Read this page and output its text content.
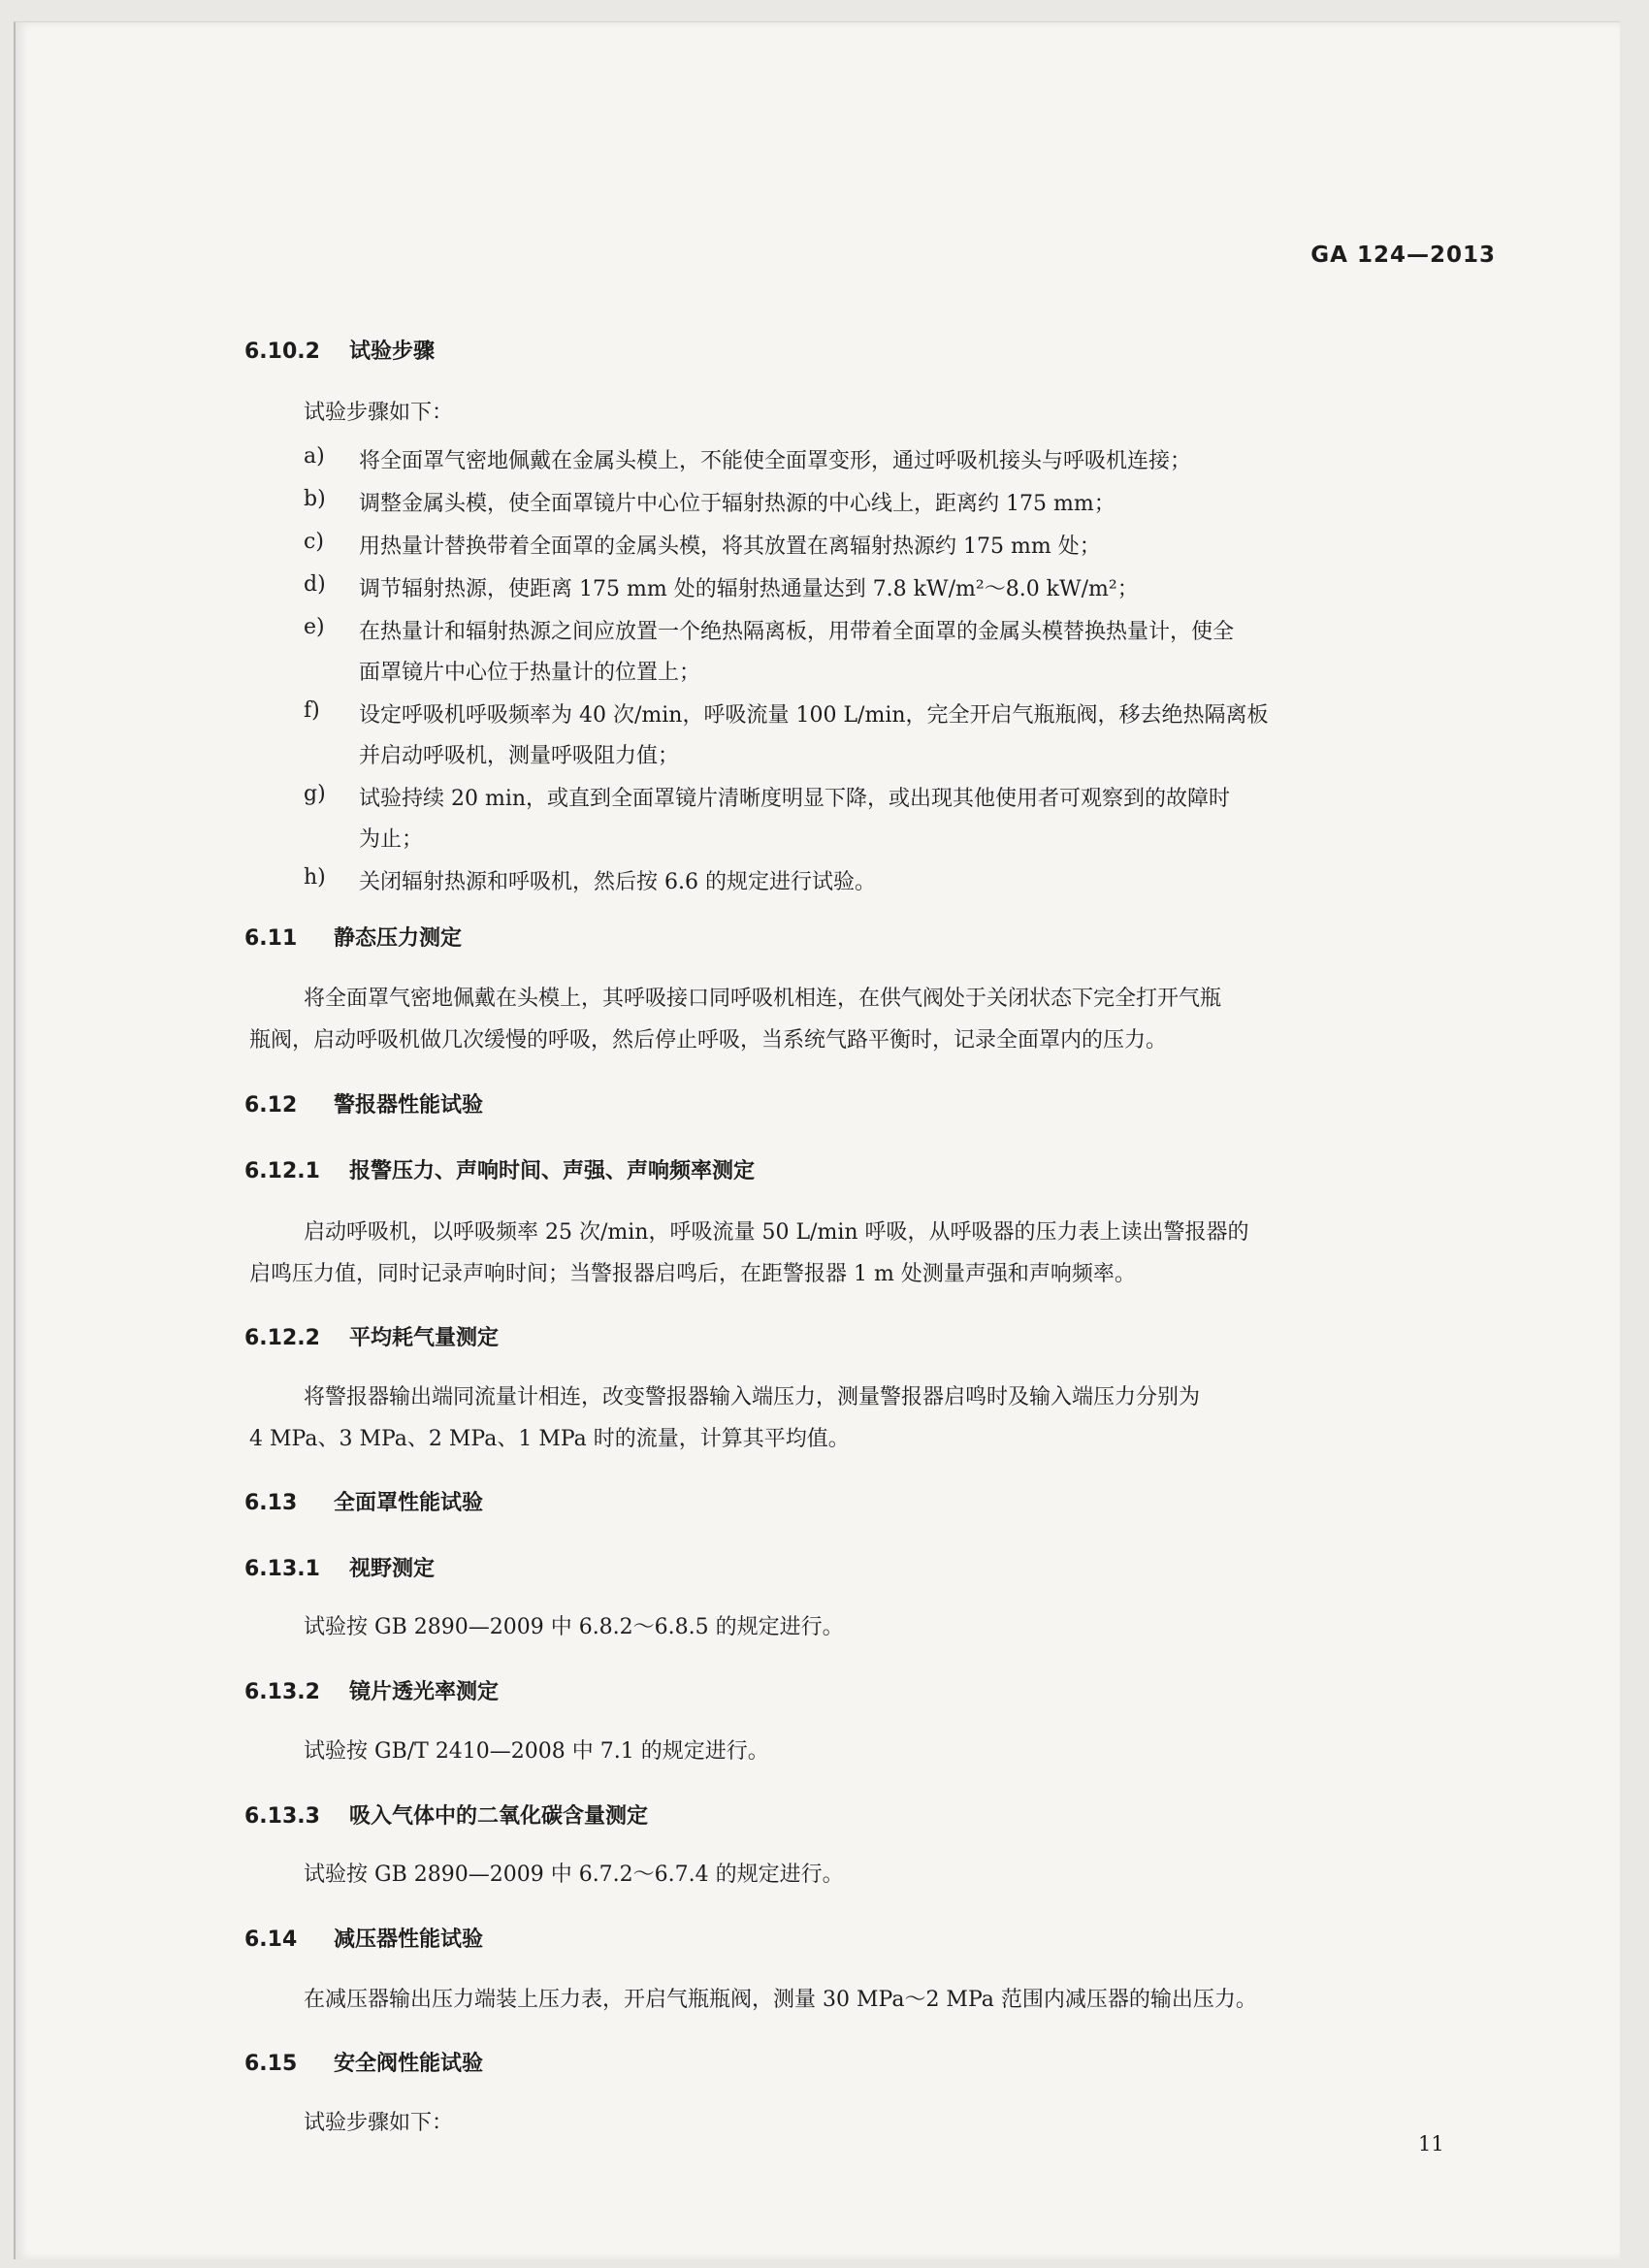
GA 124—2013
6.10.2 试验步骤
试验步骤如下：
a) 将全面罩气密地佩戴在金属头模上，不能使全面罩变形，通过呼吸机接头与呼吸机连接；
b) 调整金属头模，使全面罩镜片中心位于辐射热源的中心线上，距离约 175 mm；
c) 用热量计替换带着全面罩的金属头模，将其放置在离辐射热源约 175 mm 处；
d) 调节辐射热源，使距离 175 mm 处的辐射热通量达到 7.8 kW/m²～8.0 kW/m²；
e) 在热量计和辐射热源之间应放置一个绝热隔离板，用带着全面罩的金属头模替换热量计，使全
面罩镜片中心位于热量计的位置上；
f) 设定呼吸机呼吸频率为 40 次/min，呼吸流量 100 L/min，完全开启气瓶瓶阀，移去绝热隔离板
并启动呼吸机，测量呼吸阻力值；
g) 试验持续 20 min，或直到全面罩镜片清晰度明显下降，或出现其他使用者可观察到的故障时
为止；
h) 关闭辐射热源和呼吸机，然后按 6.6 的规定进行试验。
6.11 静态压力测定
将全面罩气密地佩戴在头模上，其呼吸接口同呼吸机相连，在供气阀处于关闭状态下完全打开气瓶
瓶阀，启动呼吸机做几次缓慢的呼吸，然后停止呼吸，当系统气路平衡时，记录全面罩内的压力。
6.12 警报器性能试验
6.12.1 报警压力、声响时间、声强、声响频率测定
启动呼吸机，以呼吸频率 25 次/min，呼吸流量 50 L/min 呼吸，从呼吸器的压力表上读出警报器的
启鸣压力值，同时记录声响时间；当警报器启鸣后，在距警报器 1 m 处测量声强和声响频率。
6.12.2 平均耗气量测定
将警报器输出端同流量计相连，改变警报器输入端压力，测量警报器启鸣时及输入端压力分别为
4 MPa、3 MPa、2 MPa、1 MPa 时的流量，计算其平均值。
6.13 全面罩性能试验
6.13.1 视野测定
试验按 GB 2890—2009 中 6.8.2～6.8.5 的规定进行。
6.13.2 镜片透光率测定
试验按 GB/T 2410—2008 中 7.1 的规定进行。
6.13.3 吸入气体中的二氧化碳含量测定
试验按 GB 2890—2009 中 6.7.2～6.7.4 的规定进行。
6.14 减压器性能试验
在减压器输出压力端装上压力表，开启气瓶瓶阀，测量 30 MPa～2 MPa 范围内减压器的输出压力。
6.15 安全阀性能试验
试验步骤如下：
11
